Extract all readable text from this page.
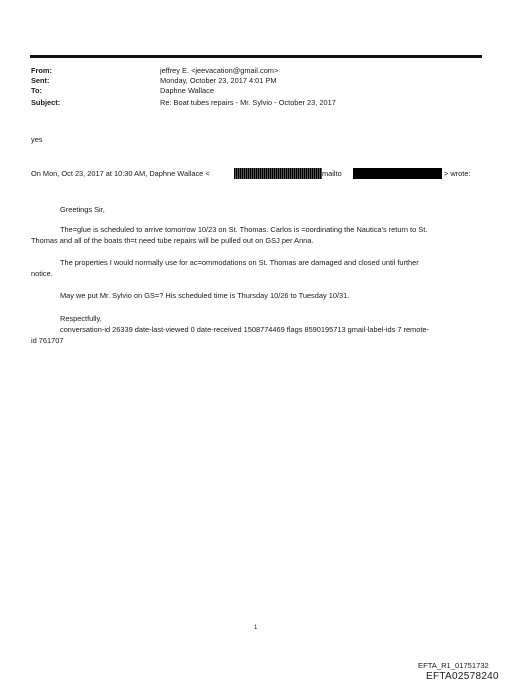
From:	jeffrey E. <jeevacation@gmail.com>
Sent:	Monday, October 23, 2017 4:01 PM
To:	Daphne Wallace
Subject:	Re: Boat tubes repairs - Mr. Sylvio - October 23, 2017
yes
On Mon, Oct 23, 2017 at 10:30 AM, Daphne Wallace <	mailto	> wrote:
Greetings Sir,
The=glue is scheduled to arrive tomorrow 10/23 on St. Thomas. Carlos is =oordinating the Nautica's return to St.
Thomas and all of the boats th=t need tube repairs will be pulled out on GSJ per Anna.
The properties I would normally use for ac=ommodations on St. Thomas are damaged and closed until further
notice.
May we put Mr. Sylvio on GS=? His scheduled time is Thursday 10/26 to Tuesday 10/31.
Respectfully,
conversation-id 26339 date-last-viewed 0 date-received 1508774469 flags 8590195713 gmail-label-ids 7 remote-
id 761707
1
EFTA_R1_01751732
EFTA02578240
